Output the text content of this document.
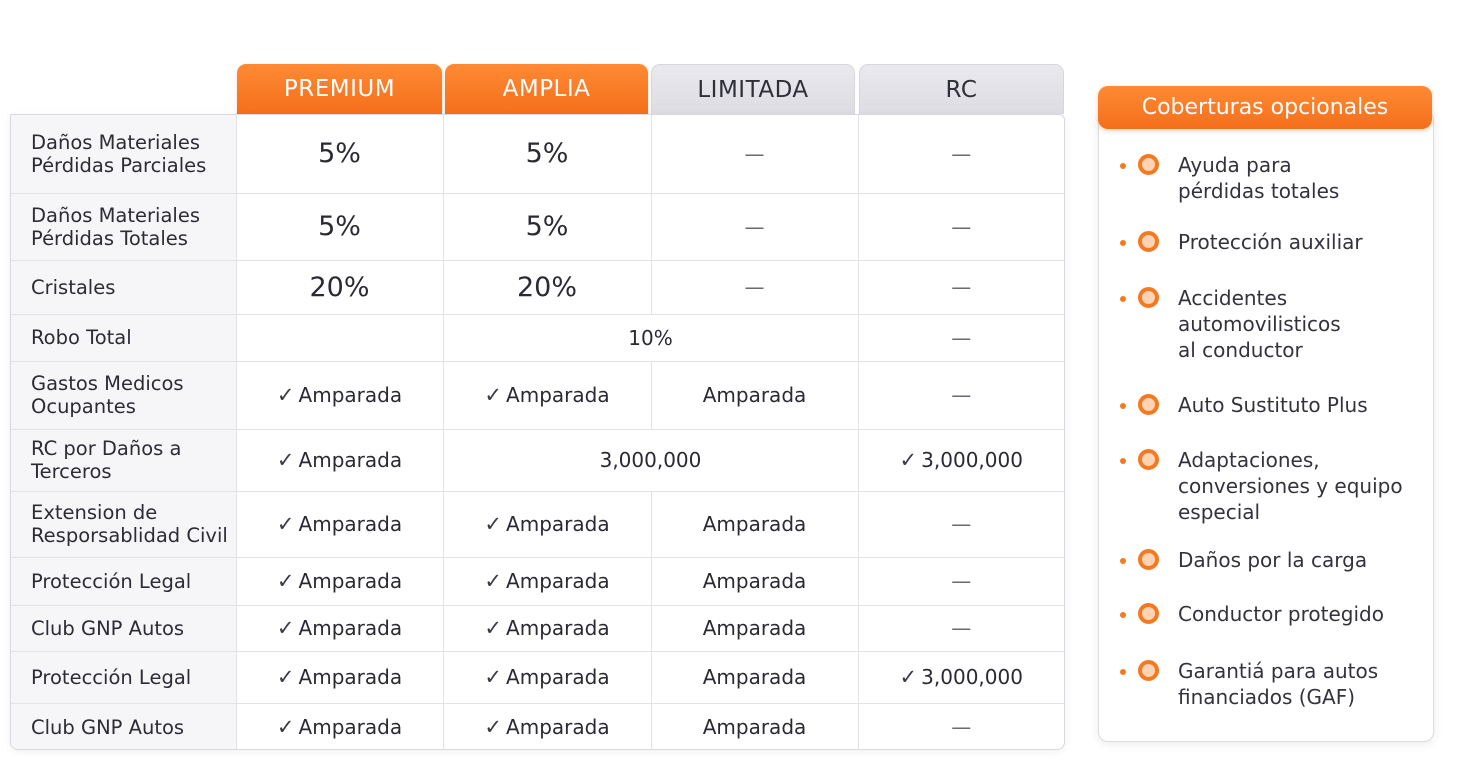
PREMIUM	AMPLIA	LIMITADA	RC
Daños Materiales
Pérdidas Parciales	5%	5%	—	—
Daños Materiales
Pérdidas Totales	5%	5%	—	—
Cristales	20%	20%	—	—
Robo Total		10%		—
Gastos Medicos
Ocupantes	✓ Amparada	✓ Amparada	Amparada	—
RC por Daños a
Terceros	✓ Amparada	3,000,000		✓ 3,000,000
Extension de
Resporsablidad Civil	✓ Amparada	✓ Amparada	Amparada	—
Protección Legal	✓ Amparada	✓ Amparada	Amparada	—
Club GNP Autos	✓ Amparada	✓ Amparada	Amparada	—
Protección Legal	✓ Amparada	✓ Amparada	Amparada	✓ 3,000,000
Club GNP Autos	✓ Amparada	✓ Amparada	Amparada	—
Coberturas opcionales
Ayuda para
pérdidas totales
Protección auxiliar
Accidentes
automovilisticos
al conductor
Auto Sustituto Plus
Adaptaciones,
conversiones y equipo
especial
Daños por la carga
Conductor protegido
Garantiá para autos
financiados (GAF)
